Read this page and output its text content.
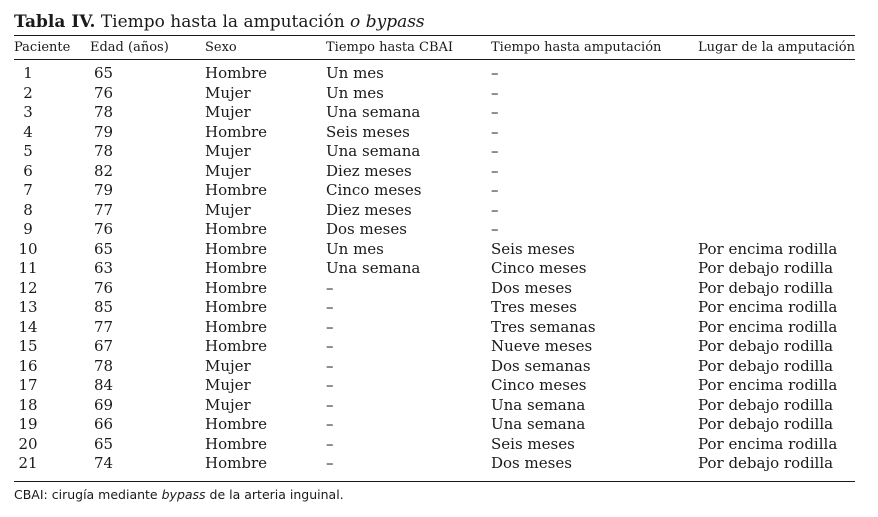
Tabla IV. Tiempo hasta la amputación o bypass
Paciente	Edad (años)	Sexo	Tiempo hasta CBAI	Tiempo hasta amputación	Lugar de la amputación

1	65	Hombre	Un mes	–	
2	76	Mujer	Un mes	–	
3	78	Mujer	Una semana	–	
4	79	Hombre	Seis meses	–	
5	78	Mujer	Una semana	–	
6	82	Mujer	Diez meses	–	
7	79	Hombre	Cinco meses	–	
8	77	Mujer	Diez meses	–	
9	76	Hombre	Dos meses	–	
10	65	Hombre	Un mes	Seis meses	Por encima rodilla
11	63	Hombre	Una semana	Cinco meses	Por debajo rodilla
12	76	Hombre	–	Dos meses	Por debajo rodilla
13	85	Hombre	–	Tres meses	Por encima rodilla
14	77	Hombre	–	Tres semanas	Por encima rodilla
15	67	Hombre	–	Nueve meses	Por debajo rodilla
16	78	Mujer	–	Dos semanas	Por debajo rodilla
17	84	Mujer	–	Cinco meses	Por encima rodilla
18	69	Mujer	–	Una semana	Por debajo rodilla
19	66	Hombre	–	Una semana	Por debajo rodilla
20	65	Hombre	–	Seis meses	Por encima rodilla
21	74	Hombre	–	Dos meses	Por debajo rodilla
CBAI: cirugía mediante bypass de la arteria inguinal.
